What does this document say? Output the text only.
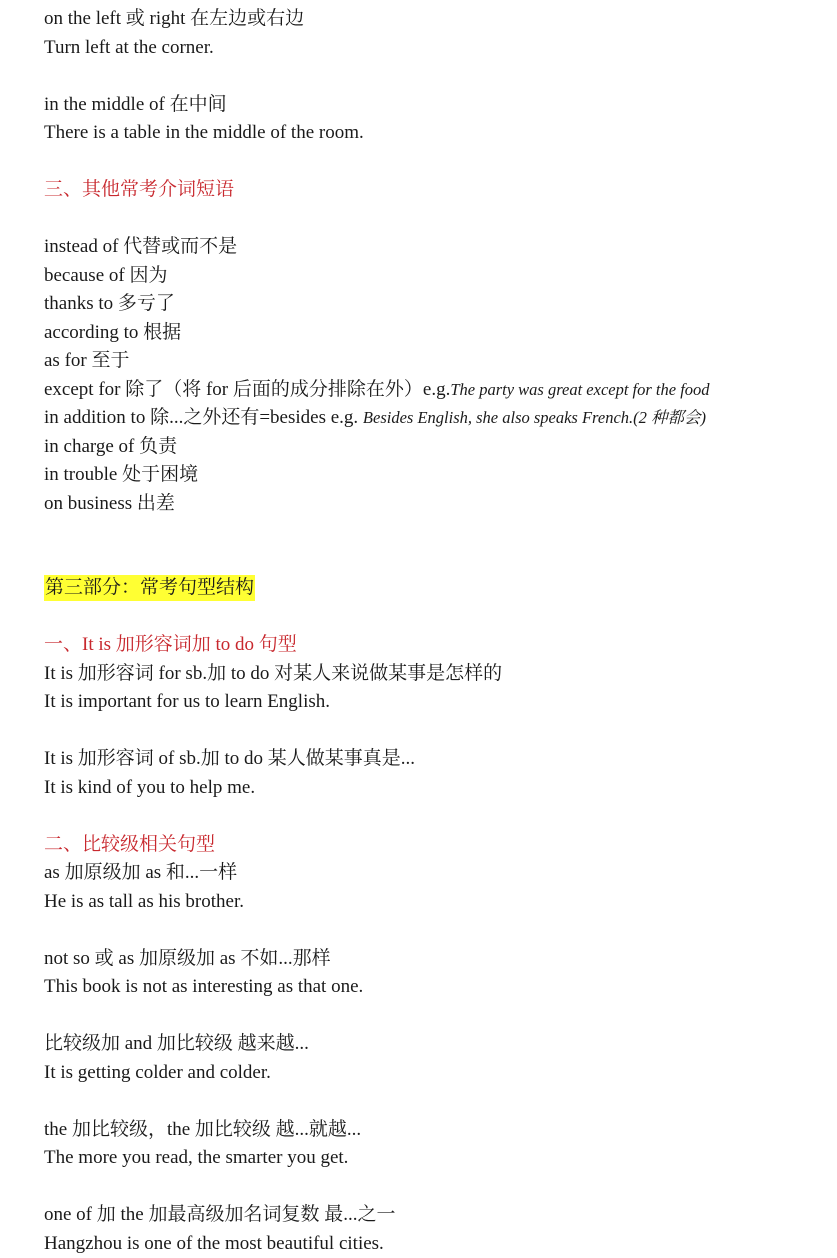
on the left 或 right 在左边或右边
Turn left at the corner.
in the middle of 在中间
There is a table in the middle of the room.
三、其他常考介词短语
instead of 代替或而不是
because of 因为
thanks to 多亏了
according to 根据
as for 至于
except for 除了（将 for 后面的成分排除在外）e.g.The party was great except for the food
in addition to 除...之外还有=besides e.g. Besides English, she also speaks French.(2 种都会)
in charge of 负责
in trouble 处于困境
on business 出差
第三部分：常考句型结构
一、It is 加形容词加 to do 句型
It is 加形容词 for sb.加 to do 对某人来说做某事是怎样的
It is important for us to learn English.
It is 加形容词 of sb.加 to do 某人做某事真是...
It is kind of you to help me.
二、比较级相关句型
as 加原级加 as 和...一样
He is as tall as his brother.
not so 或 as 加原级加 as 不如...那样
This book is not as interesting as that one.
比较级加 and 加比较级 越来越...
It is getting colder and colder.
the 加比较级，the 加比较级 越...就越...
The more you read, the smarter you get.
one of 加 the 加最高级加名词复数 最...之一
Hangzhou is one of the most beautiful cities.
